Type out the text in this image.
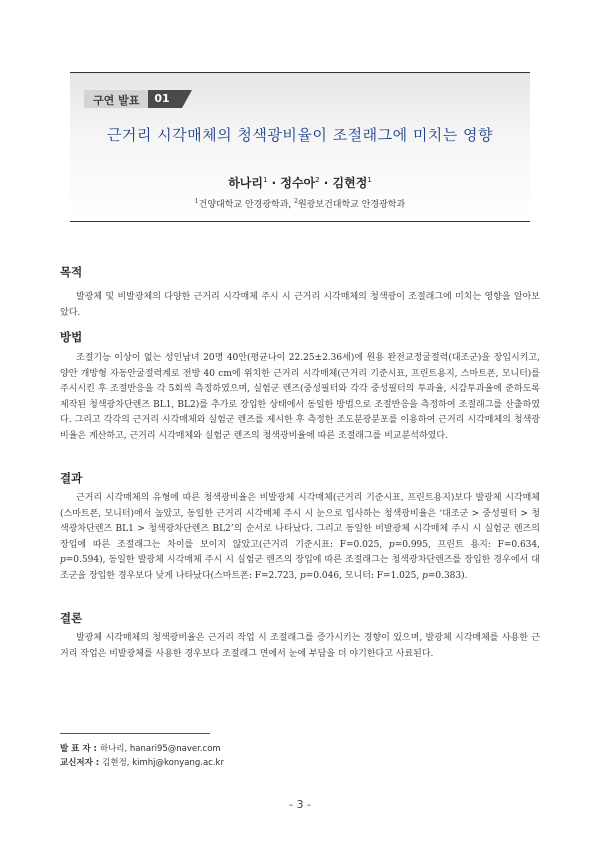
구연 발표	01
근거리 시각매체의 청색광비율이 조절래그에 미치는 영향
하나리$^1$ · 정수아$^2$ · 김현정$^1$
$^1$건양대학교 안경광학과, $^2$원광보건대학교 안경광학과
목적
발광체 및 비발광체의 다양한 근거리 시각매체 주시 시 근거리 시각매체의 청색광이 조절래그에 미치는 영향을 알아보았다.
방법
조절기능 이상이 없는 성인남녀 20명 40안(평균나이 22.25±2.36세)에 원용 완전교정굴절력(대조군)을 장입시키고, 양안 개방형 자동안굴절력계로 전방 40 cm에 위치한 근거리 시각매체(근거리 기준시표, 프린트용지, 스마트폰, 모니터)를 주시시킨 후 조절반응을 각 5회씩 측정하였으며, 실험군 렌즈(중성필터와 각각 중성필터의 투과율, 시감투과율에 준하도록 제작된 청색광차단렌즈 BL1, BL2)를 추가로 장입한 상태에서 동일한 방법으로 조절반응을 측정하여 조절래그를 산출하였다. 그리고 각각의 근거리 시각매체와 실험군 렌즈를 제시한 후 측정한 조도분광분포를 이용하여 근거리 시각매체의 청색광비율은 계산하고, 근거리 시각매체와 실험군 렌즈의 청색광비율에 따른 조절래그를 비교분석하였다.
결과
근거리 시각매체의 유형에 따른 청색광비율은 비발광체 시각매체(근거리 기준시표, 프린트용지)보다 발광체 시각매체(스마트폰, 모니터)에서 높았고, 동일한 근거리 시각매체 주시 시 눈으로 입사하는 청색광비율은 ‘대조군 > 중성필터 > 청색광차단렌즈 BL1 > 청색광차단렌즈 BL2’의 순서로 나타났다. 그리고 동일한 비발광체 시각매체 주시 시 실험군 렌즈의 장입에 따른 조절래그는 차이를 보이지 않았고(근거리 기준시표: F=0.025, p=0.995, 프린트 용지: F=0.634, p=0.594), 동일한 발광체 시각매체 주시 시 실험군 렌즈의 장입에 따른 조절래그는 청색광차단렌즈를 장입한 경우에서 대조군을 장입한 경우보다 낮게 나타났다(스마트폰: F=2.723, p=0.046, 모니터: F=1.025, p=0.383).
결론
발광체 시각매체의 청색광비율은 근거리 작업 시 조절래그를 증가시키는 경향이 있으며, 발광체 시각매체를 사용한 근거리 작업은 비발광체를 사용한 경우보다 조절래그 면에서 눈에 부담을 더 야기한다고 사료된다.
발 표 자 : 하나리, hanari95@naver.com
교신저자 : 김현정, kimhj@konyang.ac.kr
- 3 -
